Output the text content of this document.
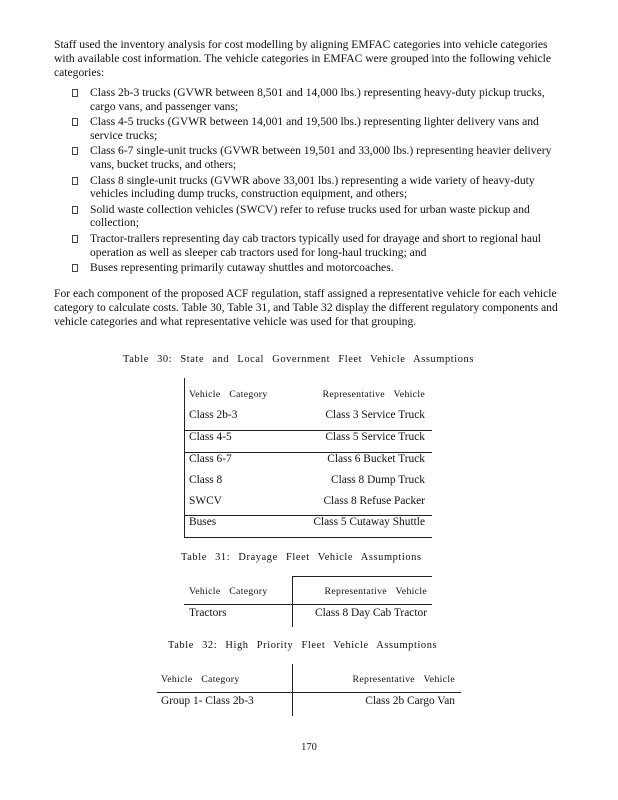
Staff used the inventory analysis for cost modelling by aligning EMFAC categories into vehicle categories with available cost information. The vehicle categories in EMFAC were grouped into the following vehicle categories:

Class 2b-3 trucks (GVWR between 8,501 and 14,000 lbs.) representing heavy-duty pickup trucks, cargo vans, and passenger vans;
Class 4-5 trucks (GVWR between 14,001 and 19,500 lbs.) representing lighter delivery vans and service trucks;
Class 6-7 single-unit trucks (GVWR between 19,501 and 33,000 lbs.) representing heavier delivery vans, bucket trucks, and others;
Class 8 single-unit trucks (GVWR above 33,001 lbs.) representing a wide variety of heavy-duty vehicles including dump trucks, construction equipment, and others;
Solid waste collection vehicles (SWCV) refer to refuse trucks used for urban waste pickup and collection;
Tractor-trailers representing day cab tractors typically used for drayage and short to regional haul operation as well as sleeper cab tractors used for long-haul trucking; and
Buses representing primarily cutaway shuttles and motorcoaches.

For each component of the proposed ACF regulation, staff assigned a representative vehicle for each vehicle category to calculate costs. Table 30, Table 31, and Table 32 display the different regulatory components and vehicle categories and what representative vehicle was used for that grouping.

Table 30: State and Local Government Fleet Vehicle Assumptions
Vehicle Category	Representative Vehicle
Class 2b-3	Class 3 Service Truck
Class 4-5	Class 5 Service Truck
Class 6-7	Class 6 Bucket Truck
Class 8	Class 8 Dump Truck
SWCV	Class 8 Refuse Packer
Buses	Class 5 Cutaway Shuttle
Table 31: Drayage Fleet Vehicle Assumptions
Vehicle Category	Representative Vehicle
Tractors	Class 8 Day Cab Tractor
Table 32: High Priority Fleet Vehicle Assumptions
Vehicle Category	Representative Vehicle
Group 1- Class 2b-3	Class 2b Cargo Van
170
